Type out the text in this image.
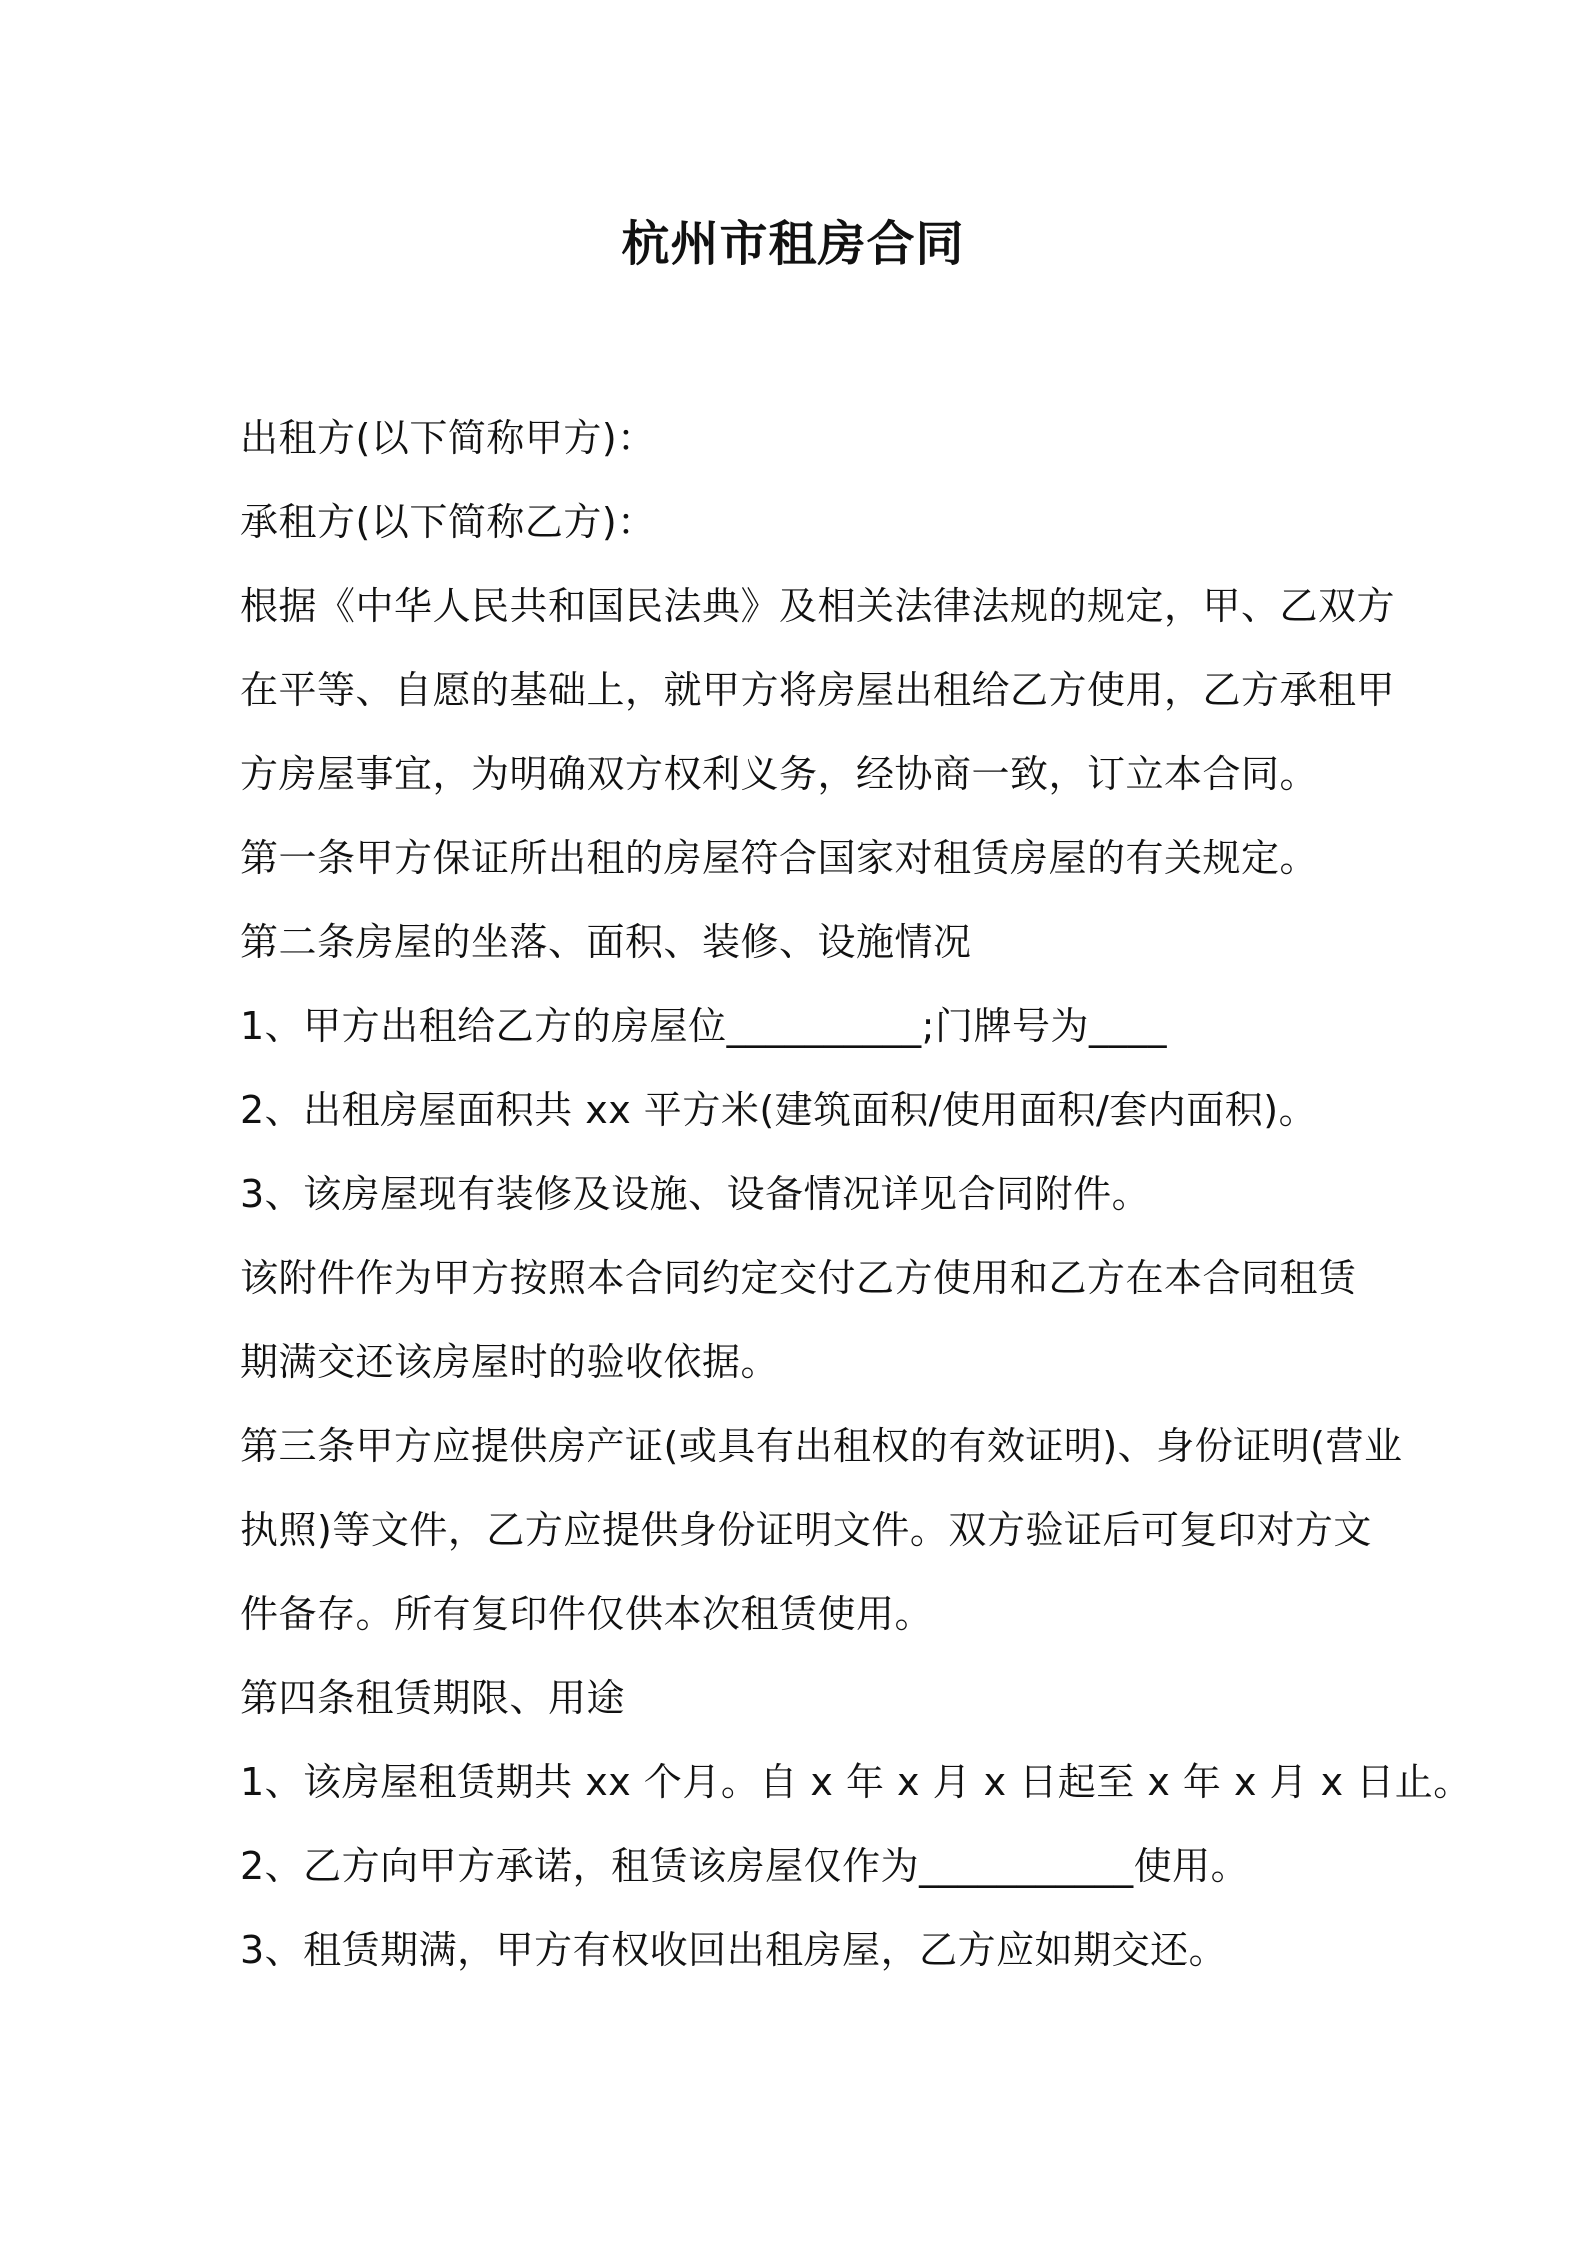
杭州市租房合同
出租方(以下简称甲方)：
承租方(以下简称乙方)：
根据《中华人民共和国民法典》及相关法律法规的规定，甲、乙双方
在平等、自愿的基础上，就甲方将房屋出租给乙方使用，乙方承租甲
方房屋事宜，为明确双方权利义务，经协商一致，订立本合同。
第一条甲方保证所出租的房屋符合国家对租赁房屋的有关规定。
第二条房屋的坐落、面积、装修、设施情况
1、甲方出租给乙方的房屋位__________;门牌号为____
2、出租房屋面积共 xx 平方米(建筑面积/使用面积/套内面积)。
3、该房屋现有装修及设施、设备情况详见合同附件。
该附件作为甲方按照本合同约定交付乙方使用和乙方在本合同租赁
期满交还该房屋时的验收依据。
第三条甲方应提供房产证(或具有出租权的有效证明)、身份证明(营业
执照)等文件，乙方应提供身份证明文件。双方验证后可复印对方文
件备存。所有复印件仅供本次租赁使用。
第四条租赁期限、用途
1、该房屋租赁期共 xx 个月。自 x 年 x 月 x 日起至 x 年 x 月 x 日止。
2、乙方向甲方承诺，租赁该房屋仅作为___________使用。
3、租赁期满，甲方有权收回出租房屋，乙方应如期交还。
